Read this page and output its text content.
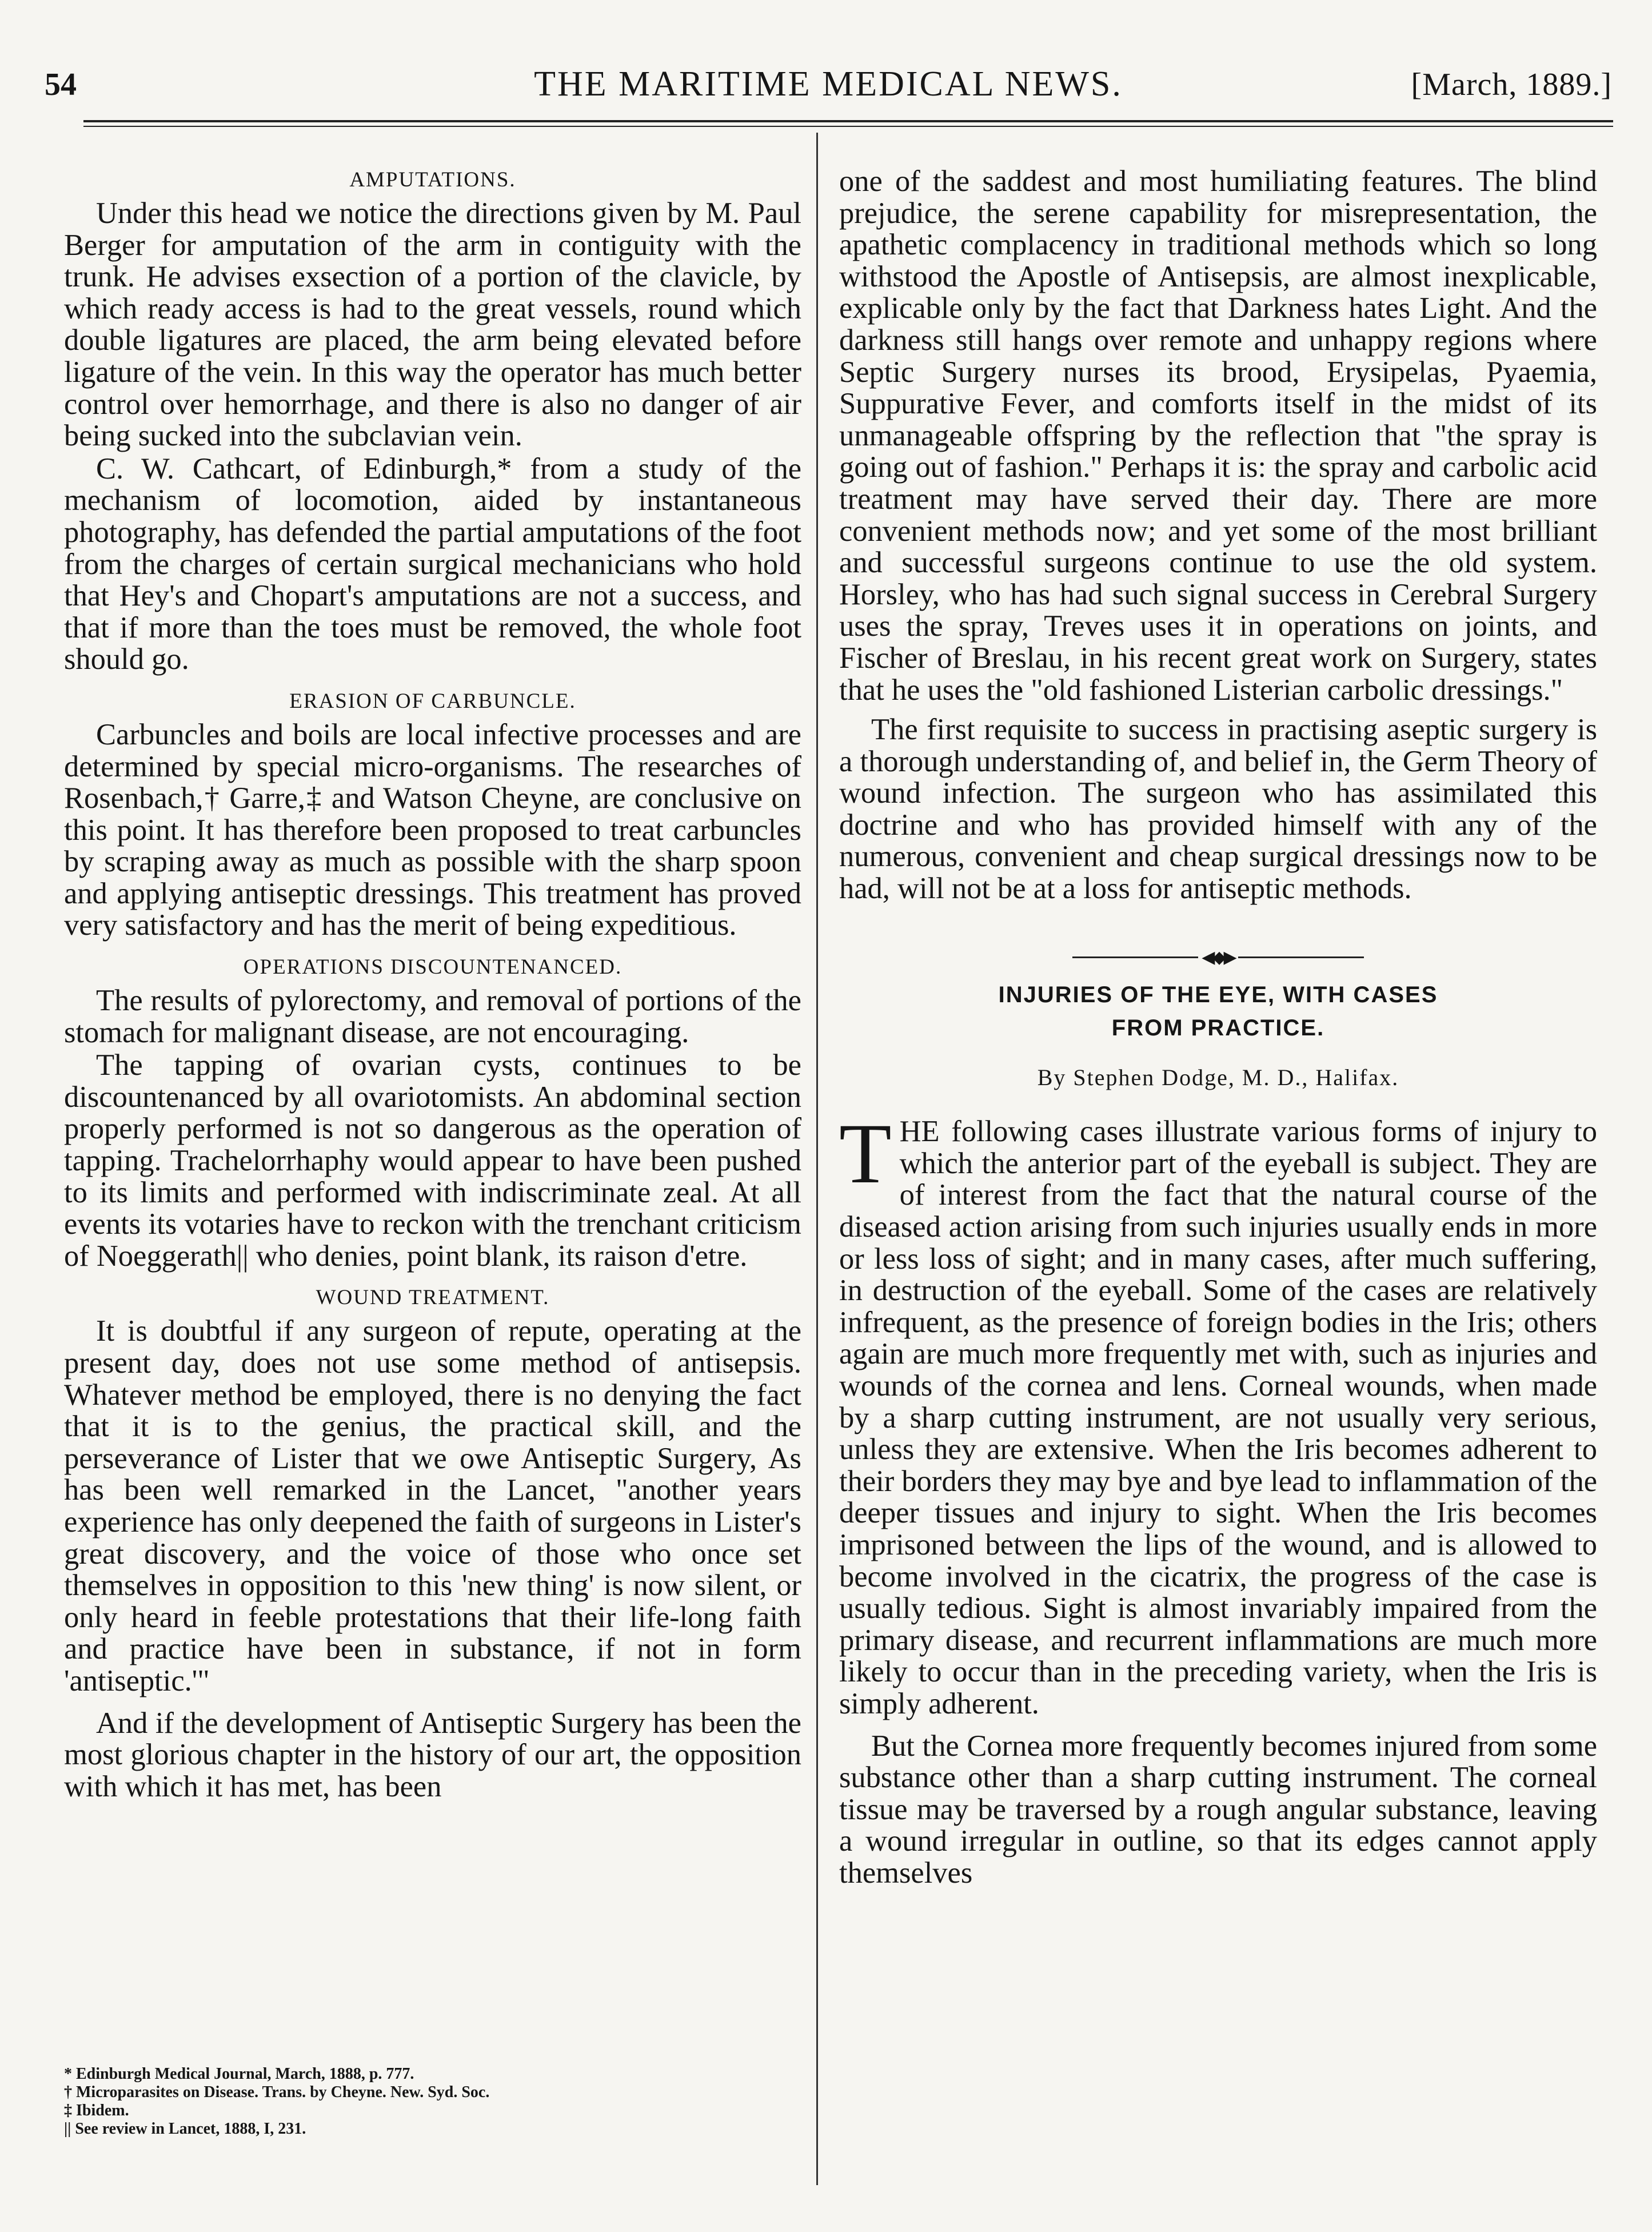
54	THE MARITIME MEDICAL NEWS.	[March, 1889.]
AMPUTATIONS.

Under this head we notice the directions given by M. Paul Berger for amputation of the arm in contiguity with the trunk. He advises exsection of a portion of the clavicle, by which ready access is had to the great vessels, round which double ligatures are placed, the arm being elevated before ligature of the vein. In this way the operator has much better control over hemorrhage, and there is also no danger of air being sucked into the subclavian vein.

C. W. Cathcart, of Edinburgh,* from a study of the mechanism of locomotion, aided by instantaneous photography, has defended the partial amputations of the foot from the charges of certain surgical mechanicians who hold that Hey's and Chopart's amputations are not a success, and that if more than the toes must be removed, the whole foot should go.

ERASION OF CARBUNCLE.

Carbuncles and boils are local infective processes and are determined by special micro-organisms. The researches of Rosenbach,† Garre,‡ and Watson Cheyne, are conclusive on this point. It has therefore been proposed to treat carbuncles by scraping away as much as possible with the sharp spoon and applying antiseptic dressings. This treatment has proved very satisfactory and has the merit of being expeditious.

OPERATIONS DISCOUNTENANCED.

The results of pylorectomy, and removal of portions of the stomach for malignant disease, are not encouraging.

The tapping of ovarian cysts, continues to be discountenanced by all ovariotomists. An abdominal section properly performed is not so dangerous as the operation of tapping. Trachelorrhaphy would appear to have been pushed to its limits and performed with indiscriminate zeal. At all events its votaries have to reckon with the trenchant criticism of Noeggerath|| who denies, point blank, its raison d'etre.

WOUND TREATMENT.

It is doubtful if any surgeon of repute, operating at the present day, does not use some method of antisepsis. Whatever method be employed, there is no denying the fact that it is to the genius, the practical skill, and the perseverance of Lister that we owe Antiseptic Surgery, As has been well remarked in the Lancet, "another years experience has only deepened the faith of surgeons in Lister's great discovery, and the voice of those who once set themselves in opposition to this 'new thing' is now silent, or only heard in feeble protestations that their life-long faith and practice have been in substance, if not in form 'antiseptic.'"

And if the development of Antiseptic Surgery has been the most glorious chapter in the history of our art, the opposition with which it has met, has been

* Edinburgh Medical Journal, March, 1888, p. 777.
† Microparasites on Disease. Trans. by Cheyne. New. Syd. Soc.
‡ Ibidem.
|| See review in Lancet, 1888, I, 231.

one of the saddest and most humiliating features. The blind prejudice, the serene capability for misrepresentation, the apathetic complacency in traditional methods which so long withstood the Apostle of Antisepsis, are almost inexplicable, explicable only by the fact that Darkness hates Light. And the darkness still hangs over remote and unhappy regions where Septic Surgery nurses its brood, Erysipelas, Pyaemia, Suppurative Fever, and comforts itself in the midst of its unmanageable offspring by the reflection that "the spray is going out of fashion." Perhaps it is: the spray and carbolic acid treatment may have served their day. There are more convenient methods now; and yet some of the most brilliant and successful surgeons continue to use the old system. Horsley, who has had such signal success in Cerebral Surgery uses the spray, Treves uses it in operations on joints, and Fischer of Breslau, in his recent great work on Surgery, states that he uses the "old fashioned Listerian carbolic dressings."

The first requisite to success in practising aseptic surgery is a thorough understanding of, and belief in, the Germ Theory of wound infection. The surgeon who has assimilated this doctrine and who has provided himself with any of the numerous, convenient and cheap surgical dressings now to be had, will not be at a loss for antiseptic methods.

◀◆▶
INJURIES OF THE EYE, WITH CASES
FROM PRACTICE.
By Stephen Dodge, M. D., Halifax.

THE following cases illustrate various forms of injury to which the anterior part of the eyeball is subject. They are of interest from the fact that the natural course of the diseased action arising from such injuries usually ends in more or less loss of sight; and in many cases, after much suffering, in destruction of the eyeball. Some of the cases are relatively infrequent, as the presence of foreign bodies in the Iris; others again are much more frequently met with, such as injuries and wounds of the cornea and lens. Corneal wounds, when made by a sharp cutting instrument, are not usually very serious, unless they are extensive. When the Iris becomes adherent to their borders they may bye and bye lead to inflammation of the deeper tissues and injury to sight. When the Iris becomes imprisoned between the lips of the wound, and is allowed to become involved in the cicatrix, the progress of the case is usually tedious. Sight is almost invariably impaired from the primary disease, and recurrent inflammations are much more likely to occur than in the preceding variety, when the Iris is simply adherent.

But the Cornea more frequently becomes injured from some substance other than a sharp cutting instrument. The corneal tissue may be traversed by a rough angular substance, leaving a wound irregular in outline, so that its edges cannot apply themselves
